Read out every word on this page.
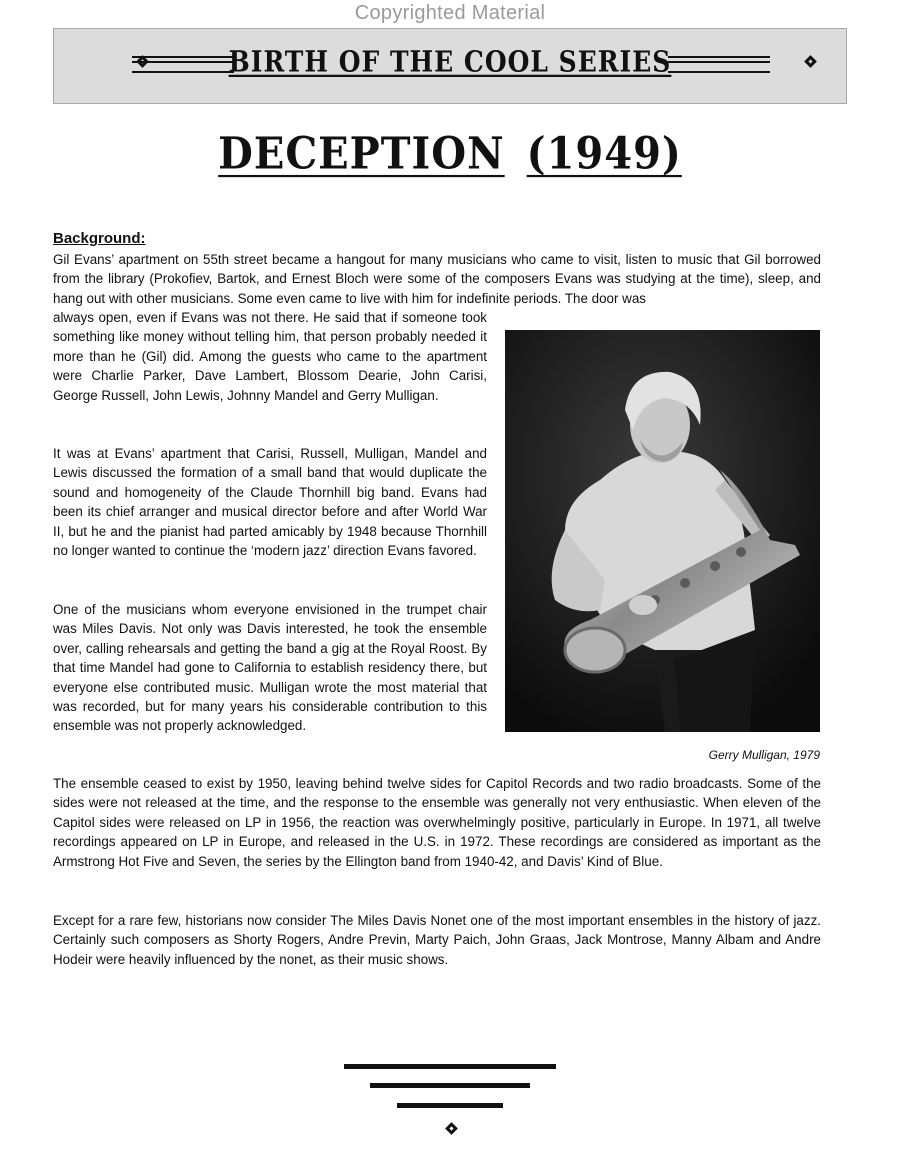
Copyrighted Material
BIRTH OF THE COOL SERIES
DECEPTION (1949)
Background:

Gil Evans’ apartment on 55th street became a hangout for many musicians who came to visit, listen to music that Gil borrowed from the library (Prokofiev, Bartok, and Ernest Bloch were some of the composers Evans was studying at the time), sleep, and hang out with other musicians. Some even came to live with him for indefinite periods. The door was

always open, even if Evans was not there. He said that if someone took something like money without telling him, that person probably needed it more than he (Gil) did. Among the guests who came to the apartment were Charlie Parker, Dave Lambert, Blossom Dearie, John Carisi, George Russell, John Lewis, Johnny Mandel and Gerry Mulligan.

It was at Evans’ apartment that Carisi, Russell, Mulligan, Mandel and Lewis discussed the formation of a small band that would duplicate the sound and homogeneity of the Claude Thornhill big band. Evans had been its chief arranger and musical director before and after World War II, but he and the pianist had parted amicably by 1948 because Thornhill no longer wanted to continue the ‘modern jazz’ direction Evans favored.

One of the musicians whom everyone envisioned in the trumpet chair was Miles Davis. Not only was Davis interested, he took the ensemble over, calling rehearsals and getting the band a gig at the Royal Roost. By that time Mandel had gone to California to establish residency there, but everyone else contributed music. Mulligan wrote the most material that was recorded, but for many years his considerable contribution to this ensemble was not properly acknowledged.

The ensemble ceased to exist by 1950, leaving behind twelve sides for Capitol Records and two radio broadcasts. Some of the sides were not released at the time, and the response to the ensemble was generally not very enthusiastic. When eleven of the Capitol sides were released on LP in 1956, the reaction was overwhelmingly positive, particularly in Europe. In 1971, all twelve recordings appeared on LP in Europe, and released in the U.S. in 1972. These recordings are considered as important as the Armstrong Hot Five and Seven, the series by the Ellington band from 1940-42, and Davis’ Kind of Blue.

Except for a rare few, historians now consider The Miles Davis Nonet one of the most important ensembles in the history of jazz. Certainly such composers as Shorty Rogers, Andre Previn, Marty Paich, John Graas, Jack Montrose, Manny Albam and Andre Hodeir were heavily influenced by the nonet, as their music shows.

Gerry Mulligan, 1979
